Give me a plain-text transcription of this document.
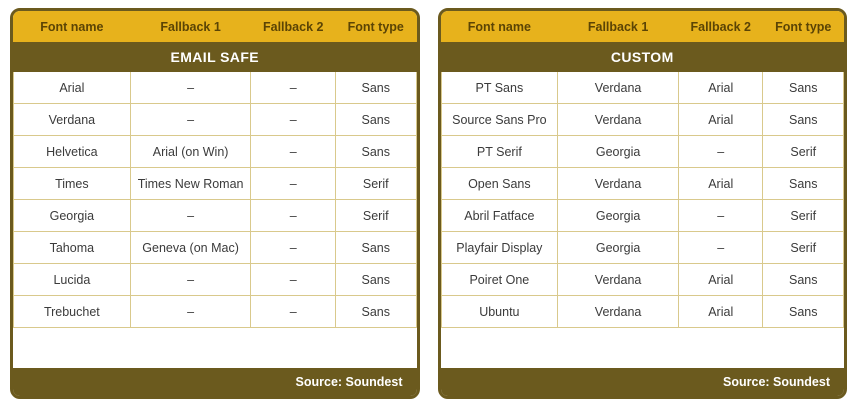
Font name	Fallback 1	Fallback 2	Font type
EMAIL SAFE			
Arial	–	–	Sans
Verdana	–	–	Sans
Helvetica	Arial (on Win)	–	Sans
Times	Times New Roman	–	Serif
Georgia	–	–	Serif
Tahoma	Geneva (on Mac)	–	Sans
Lucida	–	–	Sans
Trebuchet	–	–	Sans
Source: Soundest
Font name	Fallback 1	Fallback 2	Font type
CUSTOM			
PT Sans	Verdana	Arial	Sans
Source Sans Pro	Verdana	Arial	Sans
PT Serif	Georgia	–	Serif
Open Sans	Verdana	Arial	Sans
Abril Fatface	Georgia	–	Serif
Playfair Display	Georgia	–	Serif
Poiret One	Verdana	Arial	Sans
Ubuntu	Verdana	Arial	Sans
Source: Soundest
